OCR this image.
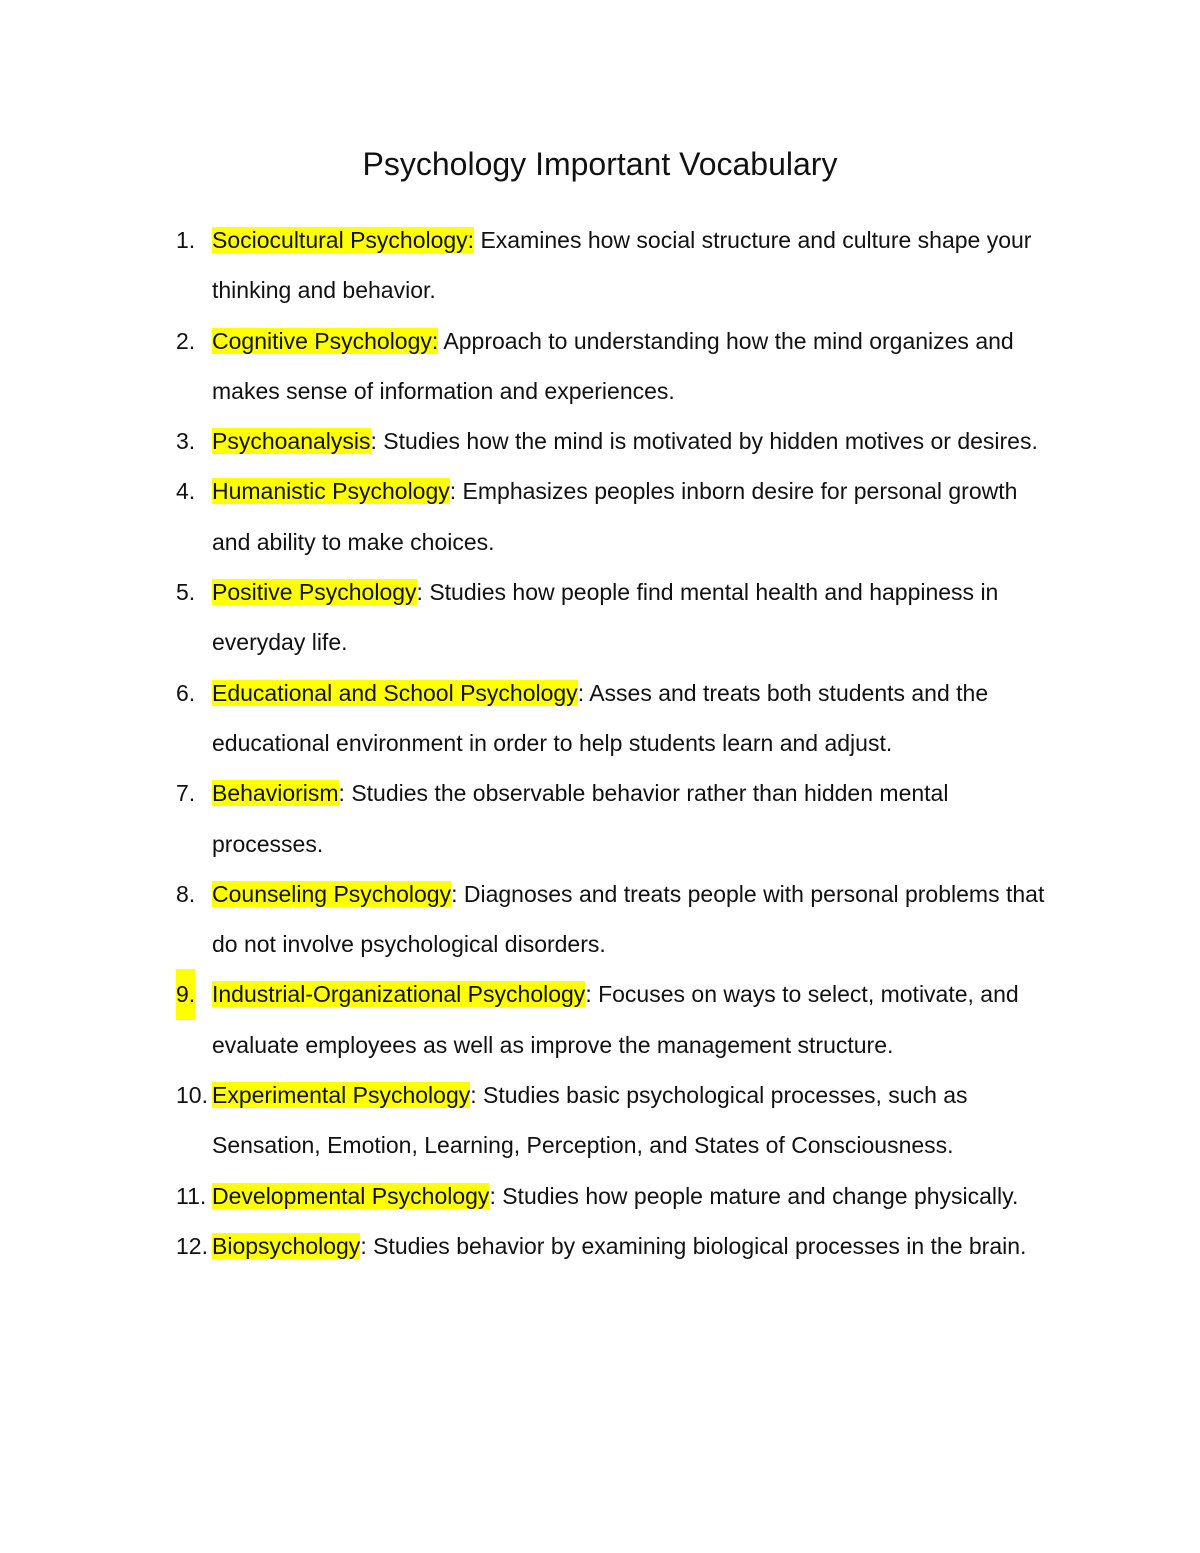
Psychology Important Vocabulary
1. Sociocultural Psychology: Examines how social structure and culture shape your thinking and behavior.
2. Cognitive Psychology: Approach to understanding how the mind organizes and makes sense of information and experiences.
3. Psychoanalysis: Studies how the mind is motivated by hidden motives or desires.
4. Humanistic Psychology: Emphasizes peoples inborn desire for personal growth and ability to make choices.
5. Positive Psychology: Studies how people find mental health and happiness in everyday life.
6. Educational and School Psychology: Asses and treats both students and the educational environment in order to help students learn and adjust.
7. Behaviorism: Studies the observable behavior rather than hidden mental processes.
8. Counseling Psychology: Diagnoses and treats people with personal problems that do not involve psychological disorders.
9. Industrial-Organizational Psychology: Focuses on ways to select, motivate, and evaluate employees as well as improve the management structure.
10. Experimental Psychology: Studies basic psychological processes, such as Sensation, Emotion, Learning, Perception, and States of Consciousness.
11. Developmental Psychology: Studies how people mature and change physically.
12. Biopsychology: Studies behavior by examining biological processes in the brain.
